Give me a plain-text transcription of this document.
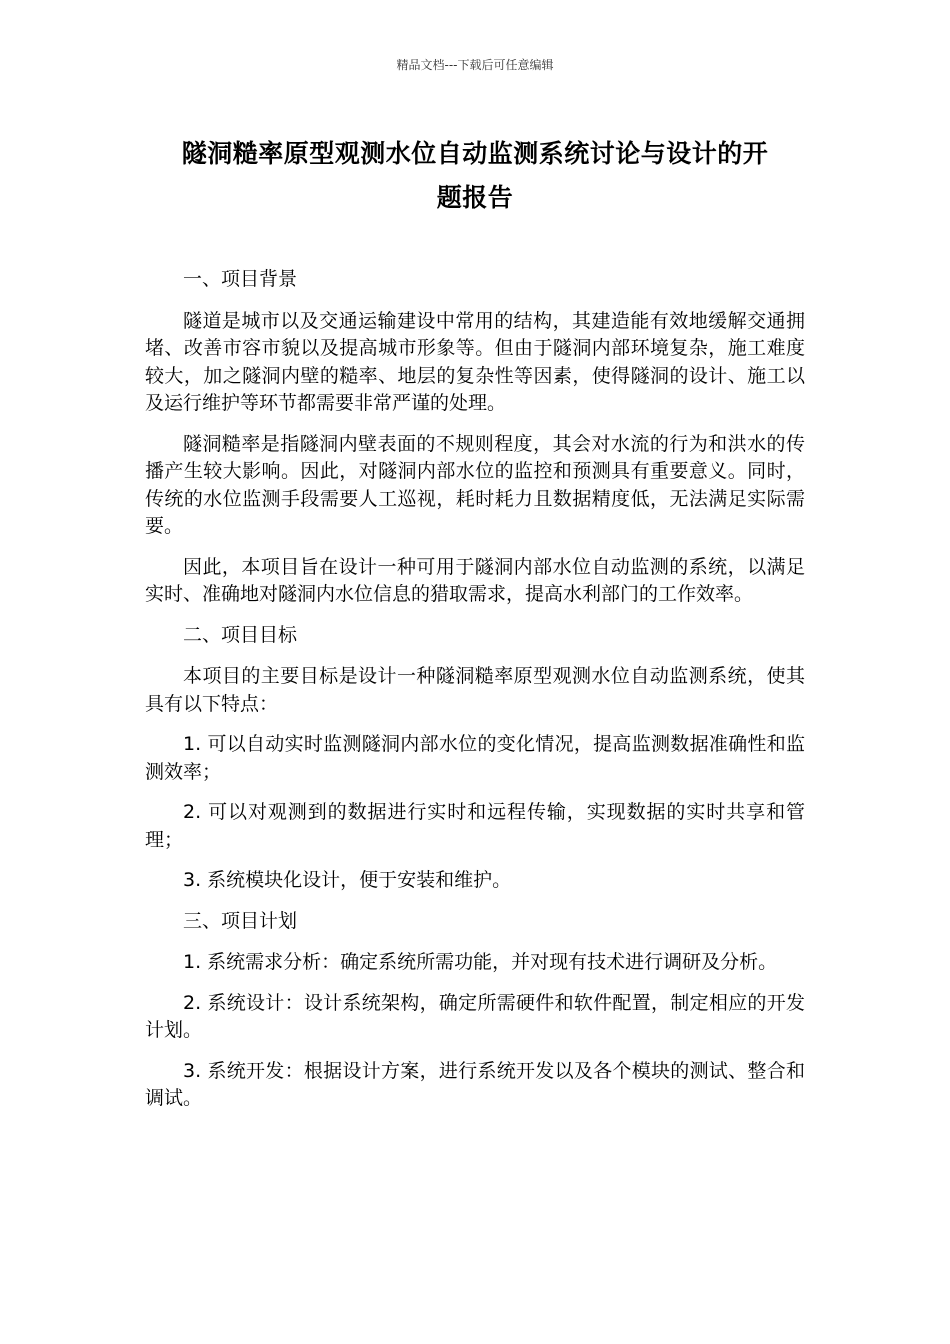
精品文档---下载后可任意编辑
隧洞糙率原型观测水位自动监测系统讨论与设计的开
题报告

一、项目背景

隧道是城市以及交通运输建设中常用的结构，其建造能有效地缓解交通拥堵、改善市容市貌以及提高城市形象等。但由于隧洞内部环境复杂，施工难度较大，加之隧洞内壁的糙率、地层的复杂性等因素，使得隧洞的设计、施工以及运行维护等环节都需要非常严谨的处理。

隧洞糙率是指隧洞内壁表面的不规则程度，其会对水流的行为和洪水的传播产生较大影响。因此，对隧洞内部水位的监控和预测具有重要意义。同时，传统的水位监测手段需要人工巡视，耗时耗力且数据精度低，无法满足实际需要。

因此，本项目旨在设计一种可用于隧洞内部水位自动监测的系统，以满足实时、准确地对隧洞内水位信息的猎取需求，提高水利部门的工作效率。

二、项目目标

本项目的主要目标是设计一种隧洞糙率原型观测水位自动监测系统，使其具有以下特点：

1. 可以自动实时监测隧洞内部水位的变化情况，提高监测数据准确性和监测效率；

2. 可以对观测到的数据进行实时和远程传输，实现数据的实时共享和管理；

3. 系统模块化设计，便于安装和维护。

三、项目计划

1. 系统需求分析：确定系统所需功能，并对现有技术进行调研及分析。

2. 系统设计：设计系统架构，确定所需硬件和软件配置，制定相应的开发计划。

3. 系统开发：根据设计方案，进行系统开发以及各个模块的测试、整合和调试。
